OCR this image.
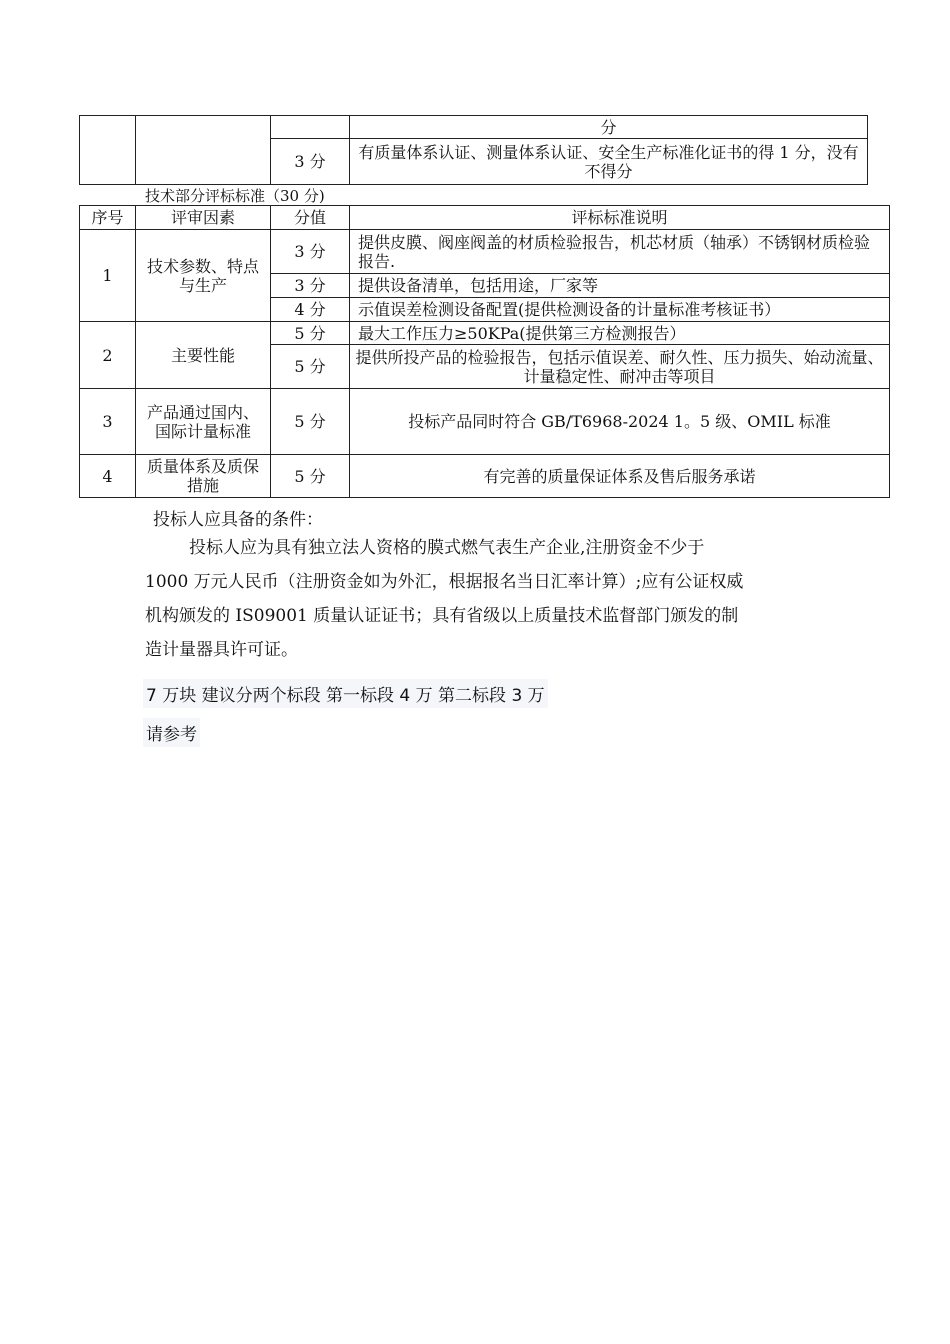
			分
		3 分	有质量体系认证、测量体系认证、安全生产标准化证书的得 1 分，没有不得分
技术部分评标标准（30 分)
序号	评审因素	分值	评标标准说明
1	技术参数、特点与生产	3 分	提供皮膜、阀座阀盖的材质检验报告，机芯材质（轴承）不锈钢材质检验报告.
		3 分	提供设备清单，包括用途，厂家等
		4 分	示值误差检测设备配置(提供检测设备的计量标准考核证书）
2	主要性能	5 分	最大工作压力≥50KPa(提供第三方检测报告）
		5 分	提供所投产品的检验报告，包括示值误差、耐久性、压力损失、始动流量、计量稳定性、耐冲击等项目
3	产品通过国内、国际计量标准	5 分	投标产品同时符合 GB/T6968-2024 1。5 级、OMIL 标准
4	质量体系及质保措施	5 分	有完善的质量保证体系及售后服务承诺
投标人应具备的条件：
投标人应为具有独立法人资格的膜式燃气表生产企业,注册资金不少于
1000 万元人民币（注册资金如为外汇，根据报名当日汇率计算）;应有公证权威
机构颁发的 IS09001 质量认证证书；具有省级以上质量技术监督部门颁发的制
造计量器具许可证。
7 万块 建议分两个标段 第一标段 4 万 第二标段 3 万
请参考
